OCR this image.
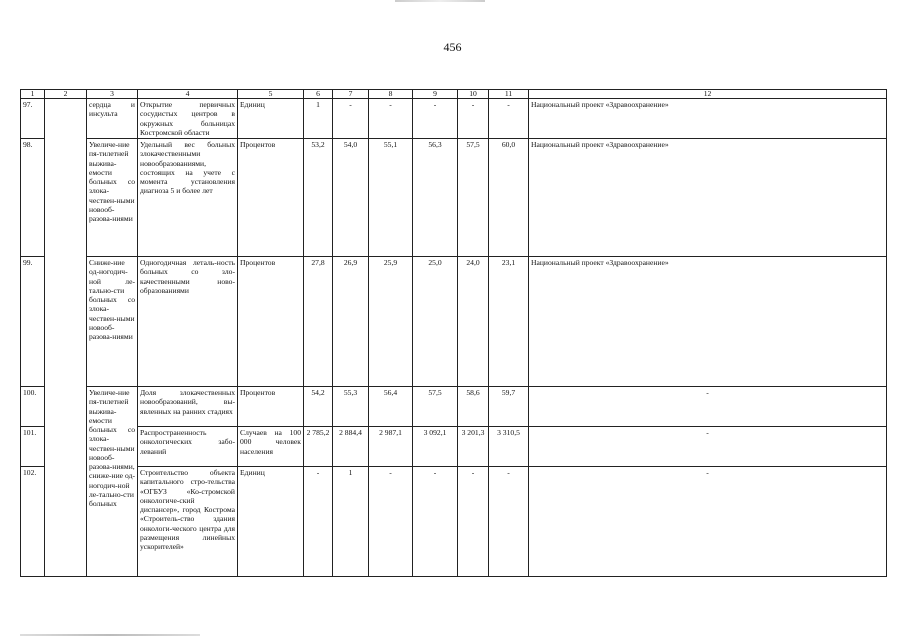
456
1	2	3	4	5	6	7	8	9	10	11	12
97.		сердца и инсульта	Открытие первичных сосудистых центров в окружных больницах Костромской области	Единиц	1	-	-	-	-	-	Национальный проект «Здравоохранение»
98.		Увеличе-ние пя-тилетней выжива-емости больных со злока-чествен-ными новооб-разова-ниями	Удельный вес больных злокачественными новообразованиями, состоящих на учете с момента установления диагноза 5 и более лет	Процентов	53,2	54,0	55,1	56,3	57,5	60,0	Национальный проект «Здравоохранение»
99.		Сниже-ние од-ногодич-ной ле-тально-сти больных со злока-чествен-ными новооб-разова-ниями	Одногодичная леталь-ность больных со зло-качественными ново-образованиями	Процентов	27,8	26,9	25,9	25,0	24,0	23,1	Национальный проект «Здравоохранение»
100.		Увеличе-ние пя-тилетней выжива-емости больных со злока-чествен-ными новооб-разова-ниями, сниже-ние од-ногодич-ной ле-тально-сти больных	Доля злокачественных новообразований, вы-явленных на ранних стадиях	Процентов	54,2	55,3	56,4	57,5	58,6	59,7	-
101.			Распространенность онкологических забо-леваний	Случаев на 100 000 человек населения	2 785,2	2 884,4	2 987,1	3 092,1	3 201,3	3 310,5	-
102.			Строительство объекта капитального стро-тельства «ОГБУЗ «Ко-стромской онкологиче-ский диспансер», город Кострома «Строитель-ство здания онкологи-ческого центра для размещения линейных ускорителей»	Единиц	-	1	-	-	-	-	-
